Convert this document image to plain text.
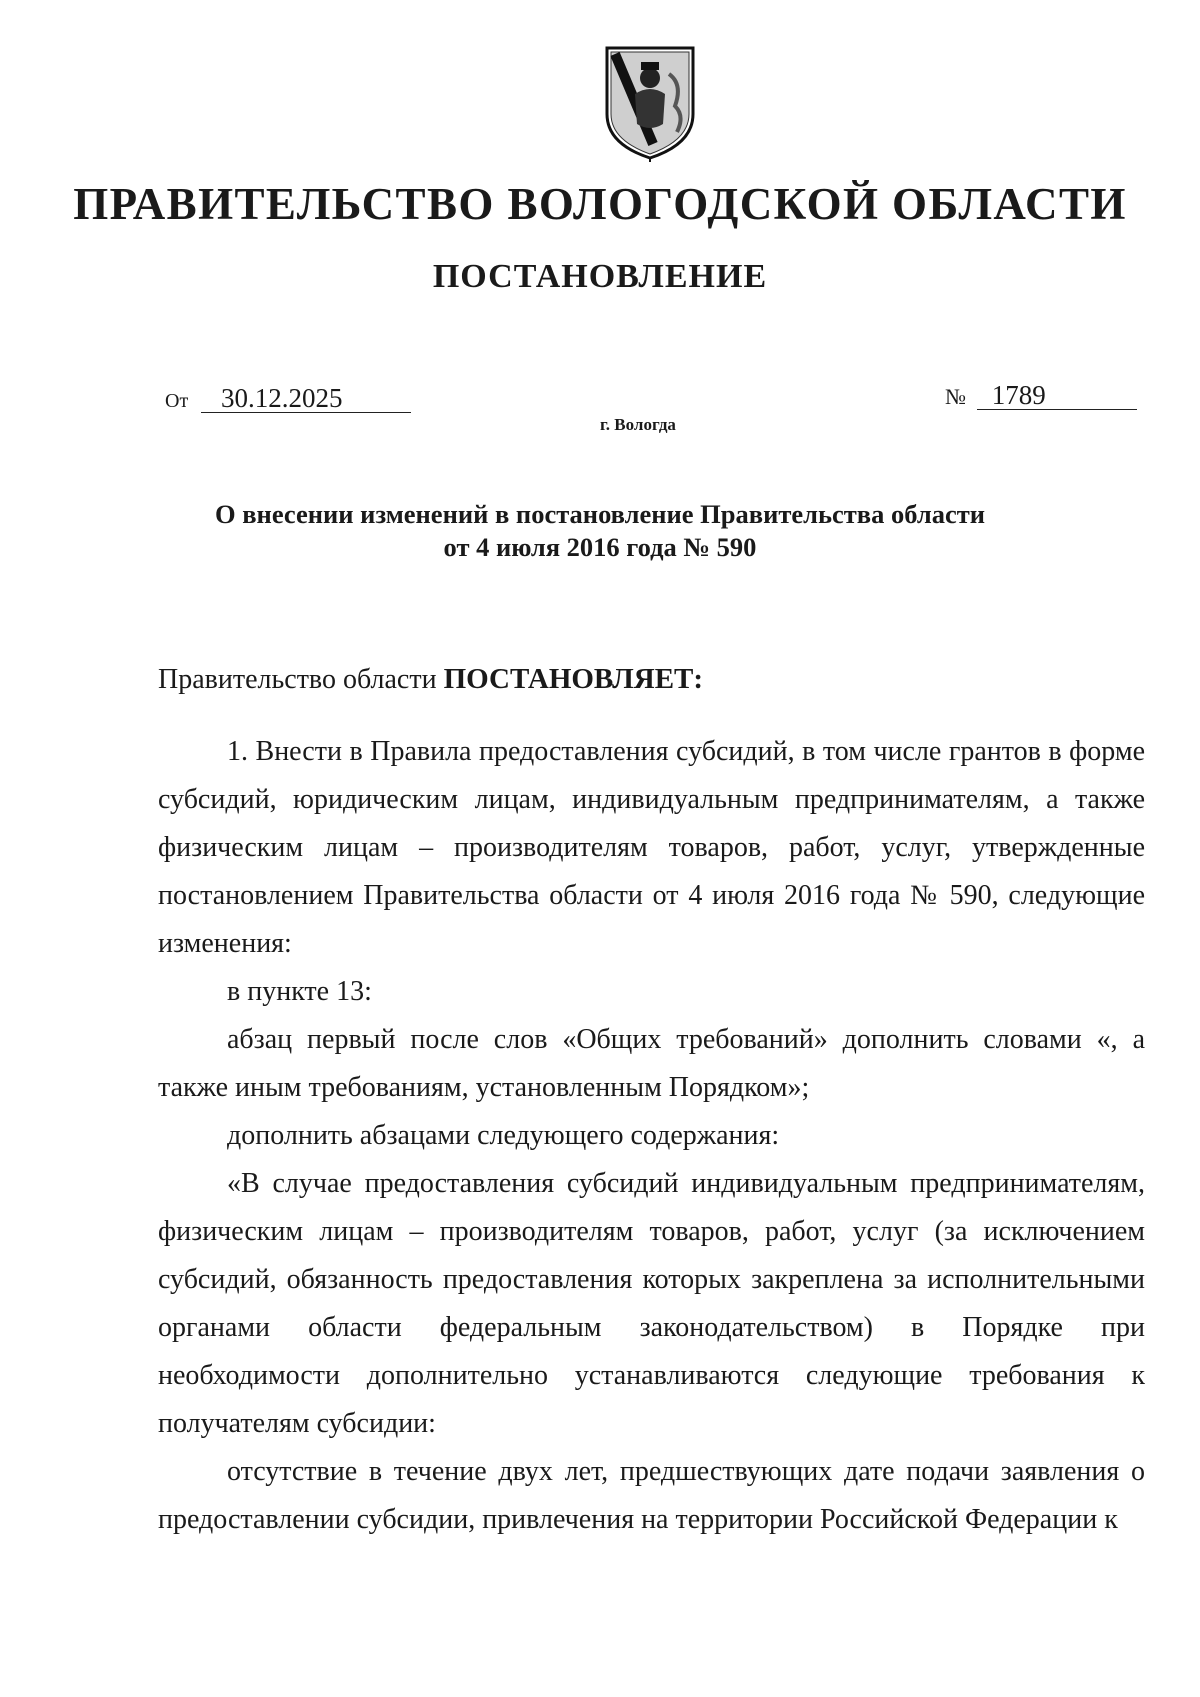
ПРАВИТЕЛЬСТВО ВОЛОГОДСКОЙ ОБЛАСТИ
ПОСТАНОВЛЕНИЕ
От 30.12.2025	№ 1789
г. Вологда
О внесении изменений в постановление Правительства области
от 4 июля 2016 года № 590

Правительство области ПОСТАНОВЛЯЕТ:

1. Внести в Правила предоставления субсидий, в том числе грантов в форме субсидий, юридическим лицам, индивидуальным предпринимателям, а также физическим лицам – производителям товаров, работ, услуг, утвержденные постановлением Правительства области от 4 июля 2016 года № 590, следующие изменения:

в пункте 13:

абзац первый после слов «Общих требований» дополнить словами «, а также иным требованиям, установленным Порядком»;

дополнить абзацами следующего содержания:

«В случае предоставления субсидий индивидуальным предпринимателям, физическим лицам – производителям товаров, работ, услуг (за исключением субсидий, обязанность предоставления которых закреплена за исполнительными органами области федеральным законодательством) в Порядке при необходимости дополнительно устанавливаются следующие требования к получателям субсидии:

отсутствие в течение двух лет, предшествующих дате подачи заявления о предоставлении субсидии, привлечения на территории Российской Федерации к
